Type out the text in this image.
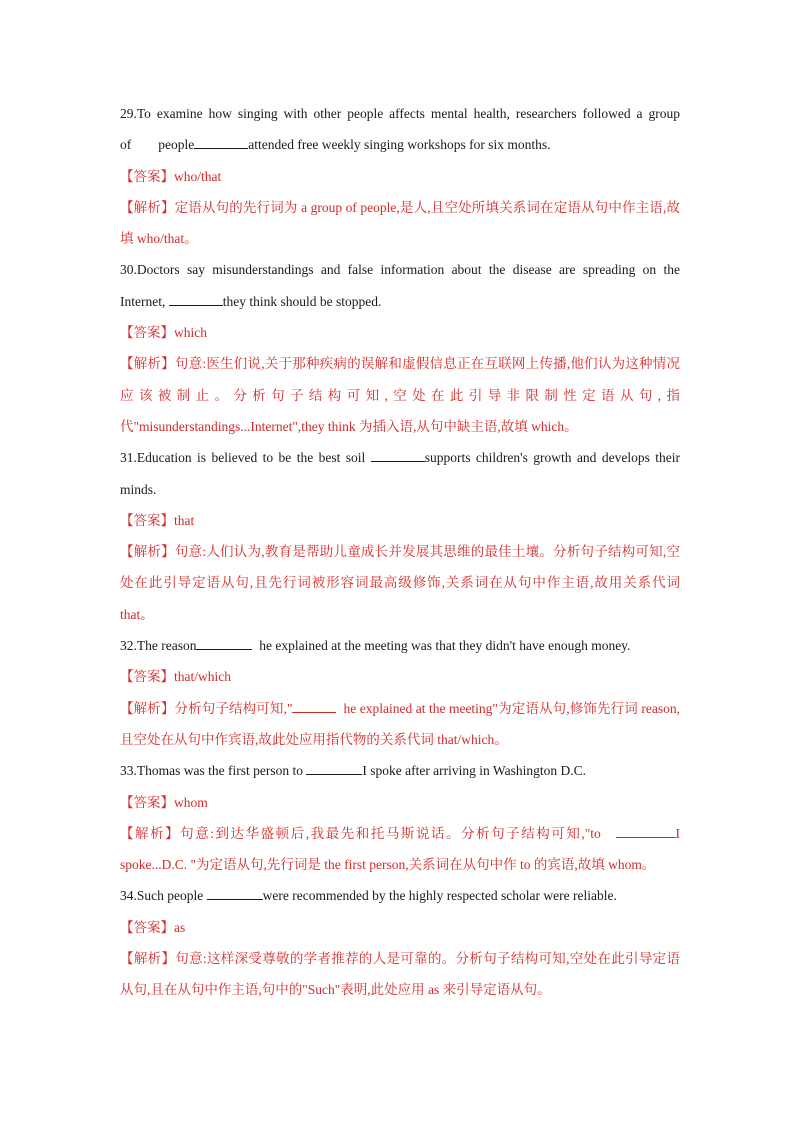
29.To examine how singing with other people affects mental health, researchers followed a group of people	attended free weekly singing workshops for six months.

【答案】who/that

【解析】定语从句的先行词为 a group of people,是人,且空处所填关系词在定语从句中作主语,故填 who/that。

30.Doctors say misunderstandings and false information about the disease are spreading on the Internet,	they think should be stopped.

【答案】which

【解析】句意:医生们说,关于那种疾病的误解和虚假信息正在互联网上传播,他们认为这种情况应该被制止。分析句子结构可知,空处在此引导非限制性定语从句,指代"misunderstandings...Internet",they think 为插入语,从句中缺主语,故填 which。

31.Education is believed to be the best soil	supports children's growth and develops their minds.

【答案】that

【解析】句意:人们认为,教育是帮助儿童成长并发展其思维的最佳土壤。分析句子结构可知,空处在此引导定语从句,且先行词被形容词最高级修饰,关系词在从句中作主语,故用关系代词 that。

32.The reason	he explained at the meeting was that they didn't have enough money.

【答案】that/which

【解析】分析句子结构可知,"	he explained at the meeting"为定语从句,修饰先行词 reason,且空处在从句中作宾语,故此处应用指代物的关系代词 that/which。

33.Thomas was the first person to	I spoke after arriving in Washington D.C.

【答案】whom

【解析】句意:到达华盛顿后,我最先和托马斯说话。分析句子结构可知,"to	I spoke...D.C. "为定语从句,先行词是 the first person,关系词在从句中作 to 的宾语,故填 whom。

34.Such people	were recommended by the highly respected scholar were reliable.

【答案】as

【解析】句意:这样深受尊敬的学者推荐的人是可靠的。分析句子结构可知,空处在此引导定语从句,且在从句中作主语,句中的"Such"表明,此处应用 as 来引导定语从句。
